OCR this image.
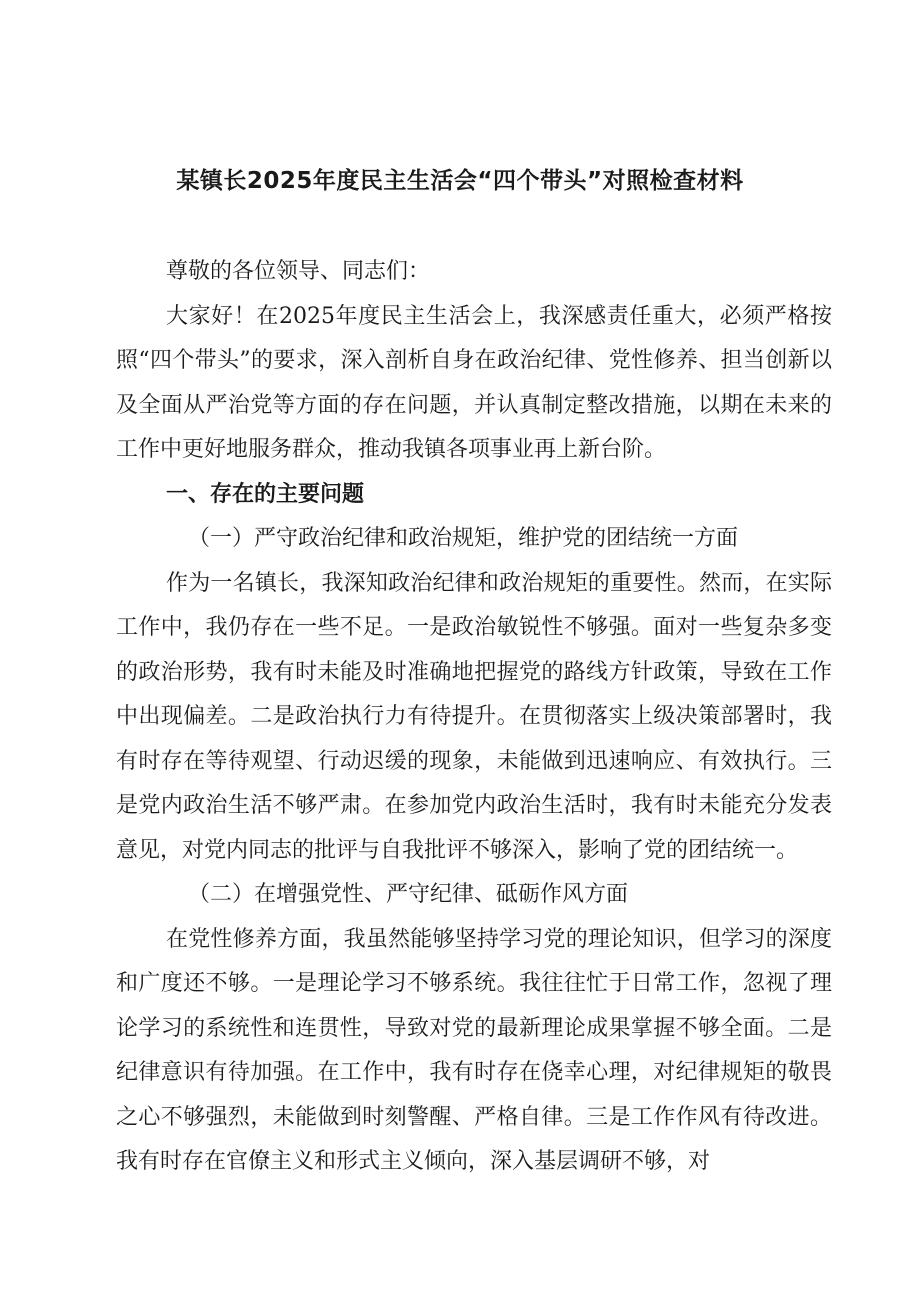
某镇长2025年度民主生活会“四个带头”对照检查材料

尊敬的各位领导、同志们：

大家好！在2025年度民主生活会上，我深感责任重大，必须严格按照“四个带头”的要求，深入剖析自身在政治纪律、党性修养、担当创新以及全面从严治党等方面的存在问题，并认真制定整改措施，以期在未来的工作中更好地服务群众，推动我镇各项事业再上新台阶。

一、存在的主要问题

（一）严守政治纪律和政治规矩，维护党的团结统一方面

作为一名镇长，我深知政治纪律和政治规矩的重要性。然而，在实际工作中，我仍存在一些不足。一是政治敏锐性不够强。面对一些复杂多变的政治形势，我有时未能及时准确地把握党的路线方针政策，导致在工作中出现偏差。二是政治执行力有待提升。在贯彻落实上级决策部署时，我有时存在等待观望、行动迟缓的现象，未能做到迅速响应、有效执行。三是党内政治生活不够严肃。在参加党内政治生活时，我有时未能充分发表意见，对党内同志的批评与自我批评不够深入，影响了党的团结统一。

（二）在增强党性、严守纪律、砥砺作风方面

在党性修养方面，我虽然能够坚持学习党的理论知识，但学习的深度和广度还不够。一是理论学习不够系统。我往往忙于日常工作，忽视了理论学习的系统性和连贯性，导致对党的最新理论成果掌握不够全面。二是纪律意识有待加强。在工作中，我有时存在侥幸心理，对纪律规矩的敬畏之心不够强烈，未能做到时刻警醒、严格自律。三是工作作风有待改进。我有时存在官僚主义和形式主义倾向，深入基层调研不够，对
